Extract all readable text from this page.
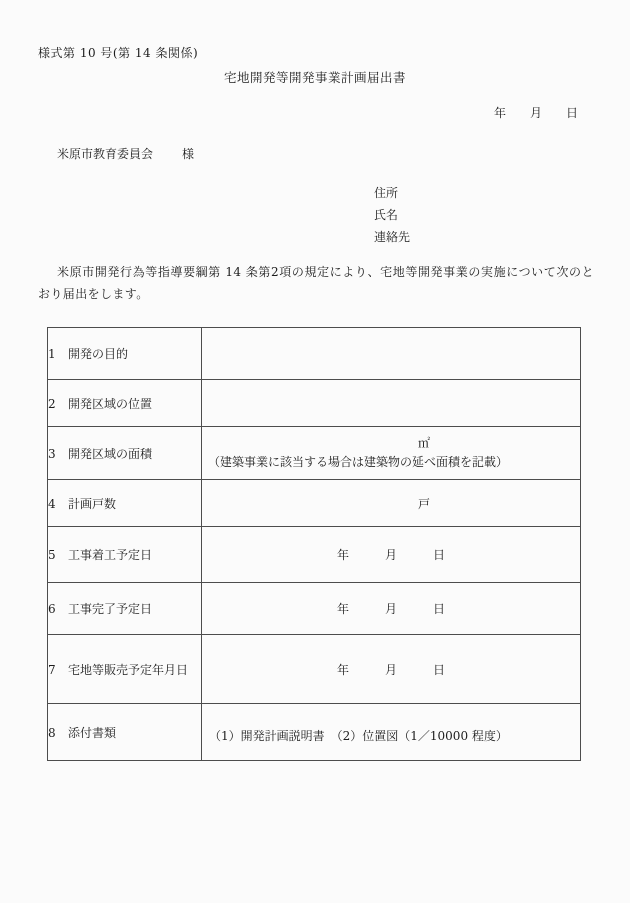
様式第 10 号(第 14 条関係)
宅地開発等開発事業計画届出書
年　　月　　日
米原市教育委員会 様
住所
氏名
連絡先
米原市開発行為等指導要綱第 14 条第2項の規定により、宅地等開発事業の実施について次のとおり届出をします。
1 開発の目的	
2 開発区域の位置	
3 開発区域の面積	㎡
（建築事業に該当する場合は建築物の延べ面積を記載）

4 計画戸数	戸
5 工事着工予定日	年　　　月　　　日
6 工事完了予定日	年　　　月　　　日
7 宅地等販売予定年月日	年　　　月　　　日
8 添付書類	（1）開発計画説明書　（2）位置図（1／10000 程度）
